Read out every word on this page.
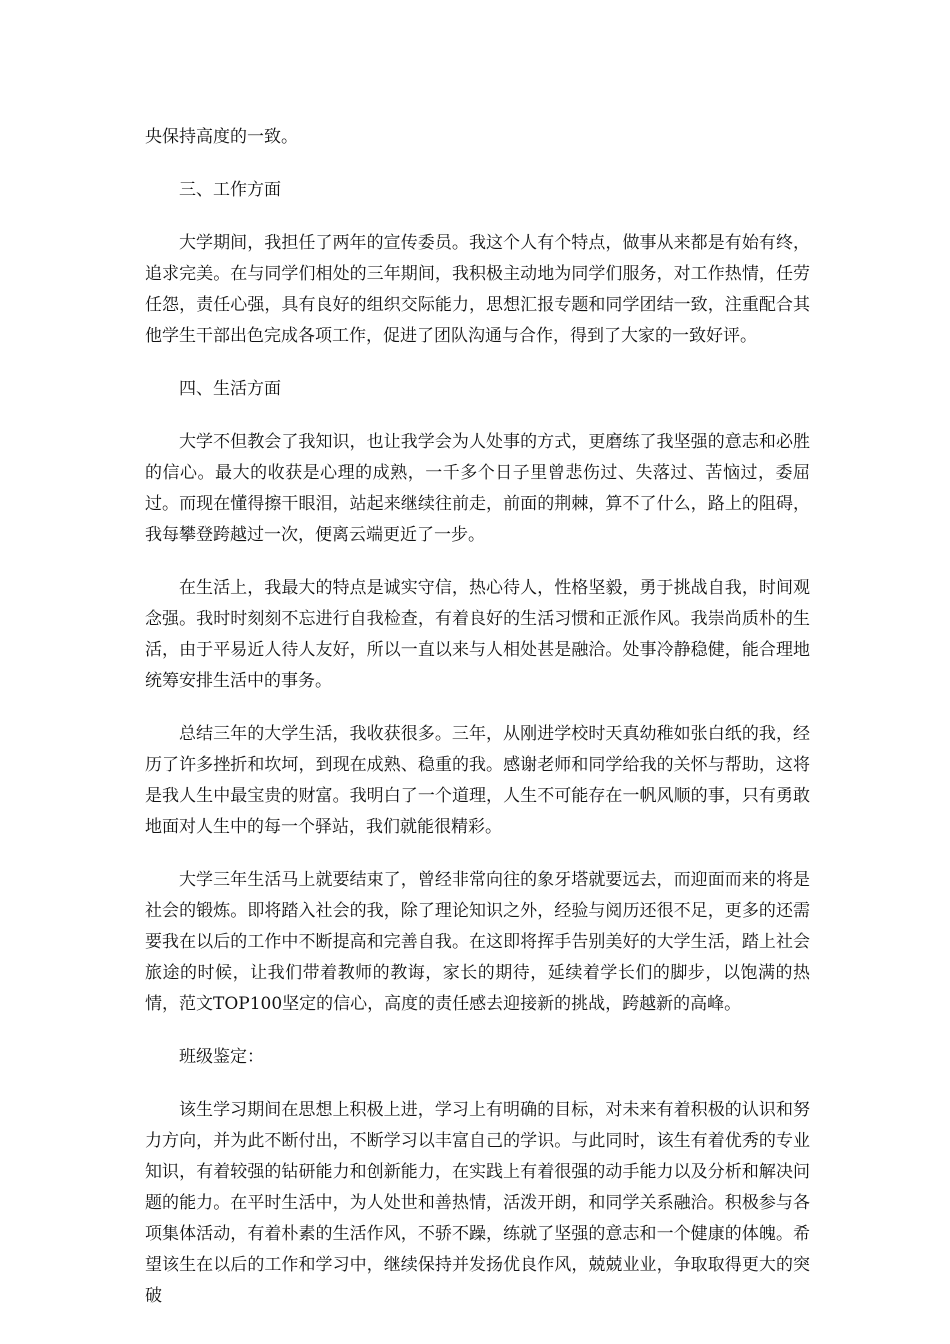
央保持高度的一致。

三、工作方面

大学期间，我担任了两年的宣传委员。我这个人有个特点，做事从来都是有始有终，追求完美。在与同学们相处的三年期间，我积极主动地为同学们服务，对工作热情，任劳任怨，责任心强，具有良好的组织交际能力，思想汇报专题和同学团结一致，注重配合其他学生干部出色完成各项工作，促进了团队沟通与合作，得到了大家的一致好评。

四、生活方面

大学不但教会了我知识，也让我学会为人处事的方式，更磨练了我坚强的意志和必胜的信心。最大的收获是心理的成熟，一千多个日子里曾悲伤过、失落过、苦恼过，委屈过。而现在懂得擦干眼泪，站起来继续往前走，前面的荆棘，算不了什么，路上的阻碍，我每攀登跨越过一次，便离云端更近了一步。

在生活上，我最大的特点是诚实守信，热心待人，性格坚毅，勇于挑战自我，时间观念强。我时时刻刻不忘进行自我检查，有着良好的生活习惯和正派作风。我崇尚质朴的生活，由于平易近人待人友好，所以一直以来与人相处甚是融洽。处事冷静稳健，能合理地统筹安排生活中的事务。

总结三年的大学生活，我收获很多。三年，从刚进学校时天真幼稚如张白纸的我，经历了许多挫折和坎坷，到现在成熟、稳重的我。感谢老师和同学给我的关怀与帮助，这将是我人生中最宝贵的财富。我明白了一个道理，人生不可能存在一帆风顺的事，只有勇敢地面对人生中的每一个驿站，我们就能很精彩。

大学三年生活马上就要结束了，曾经非常向往的象牙塔就要远去，而迎面而来的将是社会的锻炼。即将踏入社会的我，除了理论知识之外，经验与阅历还很不足，更多的还需要我在以后的工作中不断提高和完善自我。在这即将挥手告别美好的大学生活，踏上社会旅途的时候，让我们带着教师的教诲，家长的期待，延续着学长们的脚步，以饱满的热情，范文TOP100坚定的信心，高度的责任感去迎接新的挑战，跨越新的高峰。

班级鉴定：

该生学习期间在思想上积极上进，学习上有明确的目标，对未来有着积极的认识和努力方向，并为此不断付出，不断学习以丰富自己的学识。与此同时，该生有着优秀的专业知识，有着较强的钻研能力和创新能力，在实践上有着很强的动手能力以及分析和解决问题的能力。在平时生活中，为人处世和善热情，活泼开朗，和同学关系融洽。积极参与各项集体活动，有着朴素的生活作风，不骄不躁，练就了坚强的意志和一个健康的体魄。希望该生在以后的工作和学习中，继续保持并发扬优良作风，兢兢业业，争取取得更大的突破
